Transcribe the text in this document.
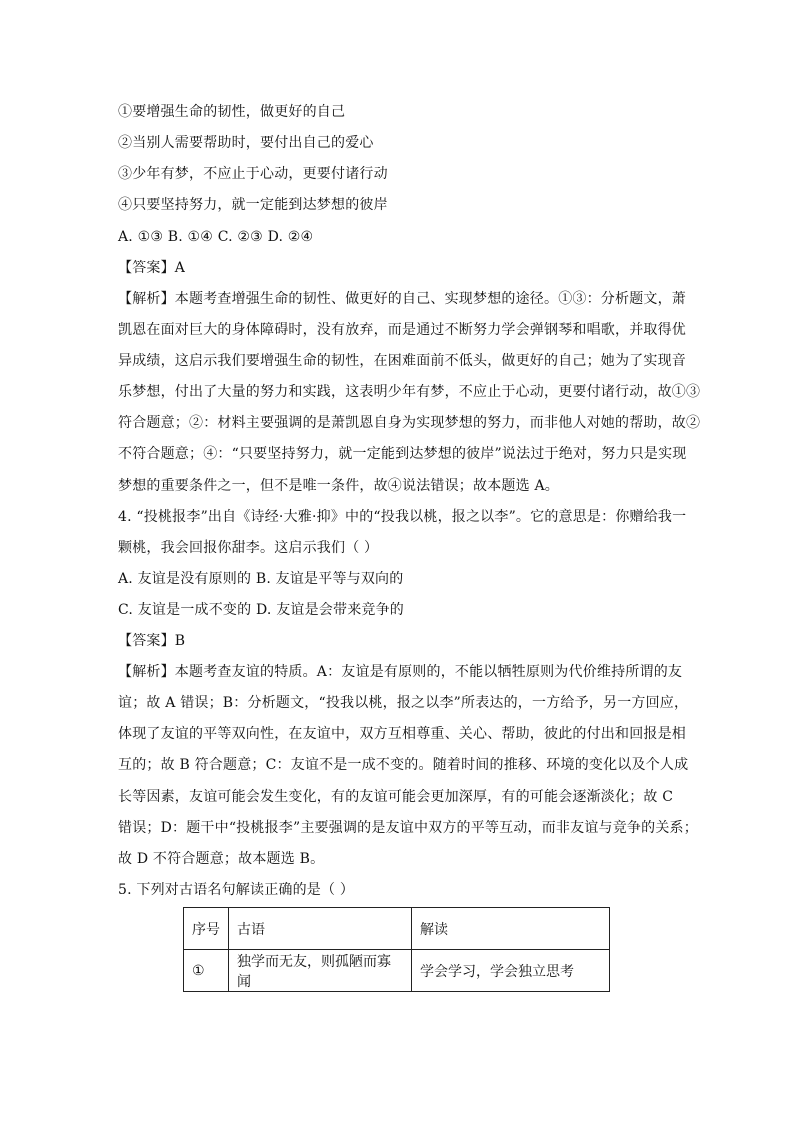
①要增强生命的韧性，做更好的自己
②当别人需要帮助时，要付出自己的爱心
③少年有梦，不应止于心动，更要付诸行动
④只要坚持努力，就一定能到达梦想的彼岸
A. ①③ B. ①④ C. ②③ D. ②④
【答案】A
【解析】本题考查增强生命的韧性、做更好的自己、实现梦想的途径。①③：分析题文，萧
凯恩在面对巨大的身体障碍时，没有放弃，而是通过不断努力学会弹钢琴和唱歌，并取得优
异成绩，这启示我们要增强生命的韧性，在困难面前不低头，做更好的自己；她为了实现音
乐梦想，付出了大量的努力和实践，这表明少年有梦，不应止于心动，更要付诸行动，故①③
符合题意；②：材料主要强调的是萧凯恩自身为实现梦想的努力，而非他人对她的帮助，故②
不符合题意；④：“只要坚持努力，就一定能到达梦想的彼岸”说法过于绝对，努力只是实现
梦想的重要条件之一，但不是唯一条件，故④说法错误；故本题选 A。
4. “投桃报李”出自《诗经·大雅·抑》中的“投我以桃，报之以李”。它的意思是：你赠给我一
颗桃，我会回报你甜李。这启示我们（ ）
A. 友谊是没有原则的 B. 友谊是平等与双向的
C. 友谊是一成不变的 D. 友谊是会带来竞争的
【答案】B
【解析】本题考查友谊的特质。A：友谊是有原则的，不能以牺牲原则为代价维持所谓的友
谊；故 A 错误；B：分析题文，“投我以桃，报之以李”所表达的，一方给予，另一方回应，
体现了友谊的平等双向性，在友谊中，双方互相尊重、关心、帮助，彼此的付出和回报是相
互的；故 B 符合题意；C：友谊不是一成不变的。随着时间的推移、环境的变化以及个人成
长等因素，友谊可能会发生变化，有的友谊可能会更加深厚，有的可能会逐渐淡化；故 C
错误；D：题干中“投桃报李”主要强调的是友谊中双方的平等互动，而非友谊与竞争的关系；
故 D 不符合题意；故本题选 B。
5. 下列对古语名句解读正确的是（ ）
序号	古语	解读
①	独学而无友，则孤陋而寡闻	学会学习，学会独立思考
